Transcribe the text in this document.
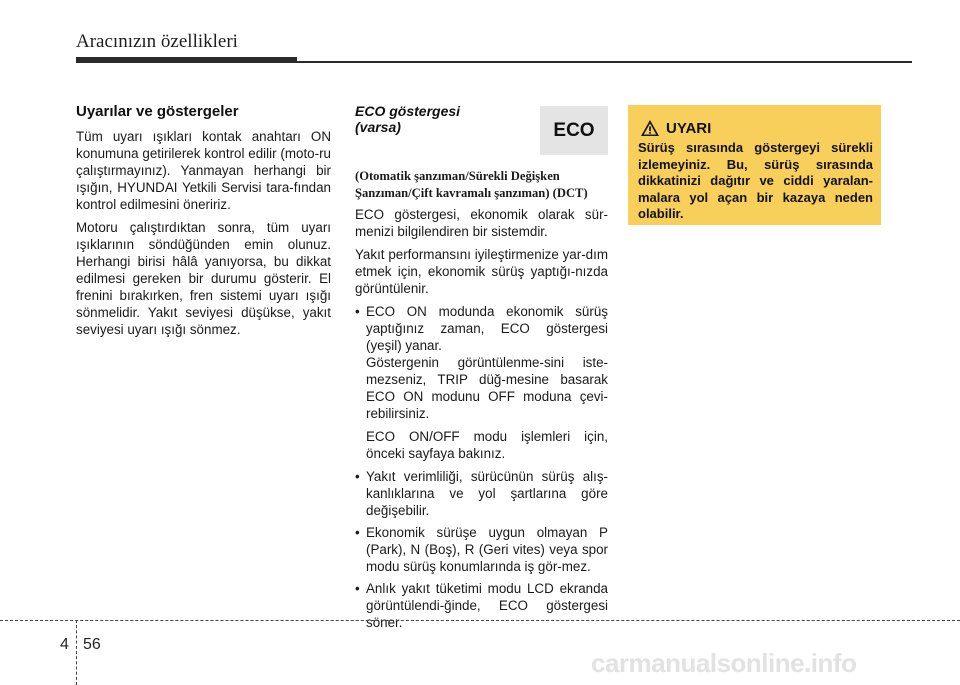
Aracınızın özellikleri
Uyarılar ve göstergeler

Tüm uyarı ışıkları kontak anahtarı ON konumuna getirilerek kontrol edilir (moto-ru çalıştırmayınız). Yanmayan herhangi bir ışığın, HYUNDAI Yetkili Servisi tara-fından kontrol edilmesini öneririz.

Motoru çalıştırdıktan sonra, tüm uyarı ışıklarının söndüğünden emin olunuz. Herhangi birisi hâlâ yanıyorsa, bu dikkat edilmesi gereken bir durumu gösterir. El frenini bırakırken, fren sistemi uyarı ışığı sönmelidir. Yakıt seviyesi düşükse, yakıt seviyesi uyarı ışığı sönmez.

ECO göstergesi
(varsa)
(Otomatik şanzıman/Sürekli Değişken
Şanzıman/Çift kavramalı şanzıman) (DCT)

ECO göstergesi, ekonomik olarak sür-menizi bilgilendiren bir sistemdir.

Yakıt performansını iyileştirmenize yar-dım etmek için, ekonomik sürüş yaptığı-nızda görüntülenir.

• ECO ON modunda ekonomik sürüş yaptığınız zaman, ECO göstergesi (yeşil) yanar.

Göstergenin görüntülenme-sini iste-mezseniz, TRIP düğ-mesine basarak ECO ON modunu OFF moduna çevi-rebilirsiniz.

ECO ON/OFF modu işlemleri için, önceki sayfaya bakınız.

• Yakıt verimliliği, sürücünün sürüş alış-kanlıklarına ve yol şartlarına göre değişebilir.
• Ekonomik sürüşe uygun olmayan P (Park), N (Boş), R (Geri vites) veya spor modu sürüş konumlarında iş gör-mez.
• Anlık yakıt tüketimi modu LCD ekranda görüntülendi-ğinde, ECO göstergesi söner.
ECO	UYARI
Sürüş sırasında göstergeyi sürekli izlemeyiniz. Bu, sürüş sırasında dikkatinizi dağıtır ve ciddi yaralan-malara yol açan bir kazaya neden olabilir.
4 56
carmanualsonline.info
